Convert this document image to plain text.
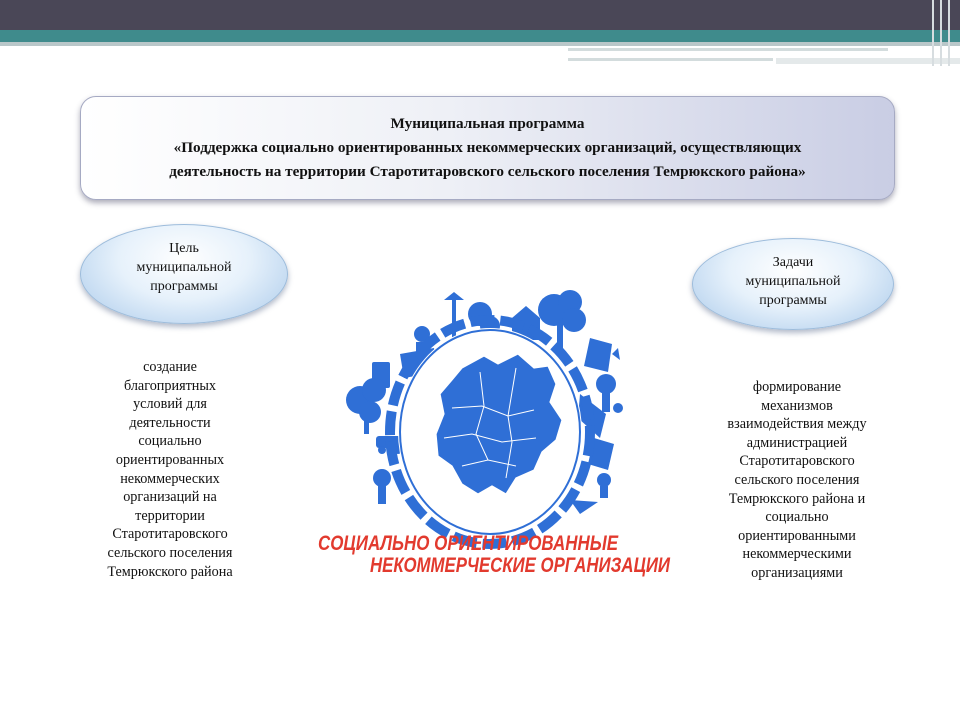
Муниципальная программа
«Поддержка социально ориентированных некоммерческих организаций, осуществляющих
деятельность на территории Старотитаровского сельского поселения Темрюкского района»
Цель
муниципальной
программы
Задачи
муниципальной
программы
создание
благоприятных
условий для
деятельности
социально
ориентированных
некоммерческих
организаций на
территории
Старотитаровского
сельского поселения
Темрюкского района
формирование
механизмов
взаимодействия между
администрацией
Старотитаровского
сельского поселения
Темрюкского района и
социально
ориентированными
некоммерческими
организациями
СОЦИАЛЬНО ОРИЕНТИРОВАННЫЕ
НЕКОММЕРЧЕСКИЕ ОРГАНИЗАЦИИ
